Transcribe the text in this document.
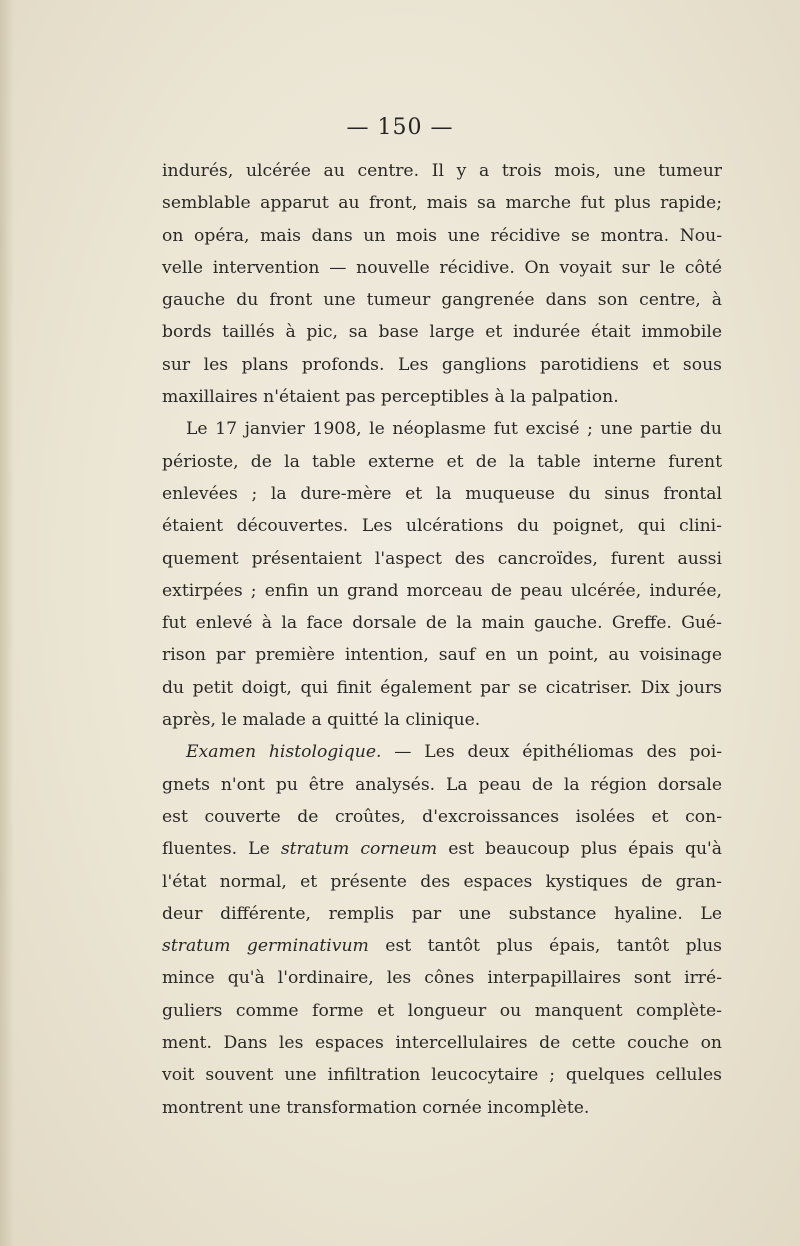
— 150 —
indurés, ulcérée au centre. Il y a trois mois, une tumeur
semblable apparut au front, mais sa marche fut plus rapide;
on opéra, mais dans un mois une récidive se montra. Nou-
velle intervention — nouvelle récidive. On voyait sur le côté
gauche du front une tumeur gangrenée dans son centre, à
bords taillés à pic, sa base large et indurée était immobile
sur les plans profonds. Les ganglions parotidiens et sous
maxillaires n'étaient pas perceptibles à la palpation.
Le 17 janvier 1908, le néoplasme fut excisé ; une partie du
périoste, de la table externe et de la table interne furent
enlevées ; la dure-mère et la muqueuse du sinus frontal
étaient découvertes. Les ulcérations du poignet, qui clini-
quement présentaient l'aspect des cancroïdes, furent aussi
extirpées ; enfin un grand morceau de peau ulcérée, indurée,
fut enlevé à la face dorsale de la main gauche. Greffe. Gué-
rison par première intention, sauf en un point, au voisinage
du petit doigt, qui finit également par se cicatriser. Dix jours
après, le malade a quitté la clinique.
Examen histologique. — Les deux épithéliomas des poi-
gnets n'ont pu être analysés. La peau de la région dorsale
est couverte de croûtes, d'excroissances isolées et con-
fluentes. Le stratum corneum est beaucoup plus épais qu'à
l'état normal, et présente des espaces kystiques de gran-
deur différente, remplis par une substance hyaline. Le
stratum germinativum est tantôt plus épais, tantôt plus
mince qu'à l'ordinaire, les cônes interpapillaires sont irré-
guliers comme forme et longueur ou manquent complète-
ment. Dans les espaces intercellulaires de cette couche on
voit souvent une infiltration leucocytaire ; quelques cellules
montrent une transformation cornée incomplète.
